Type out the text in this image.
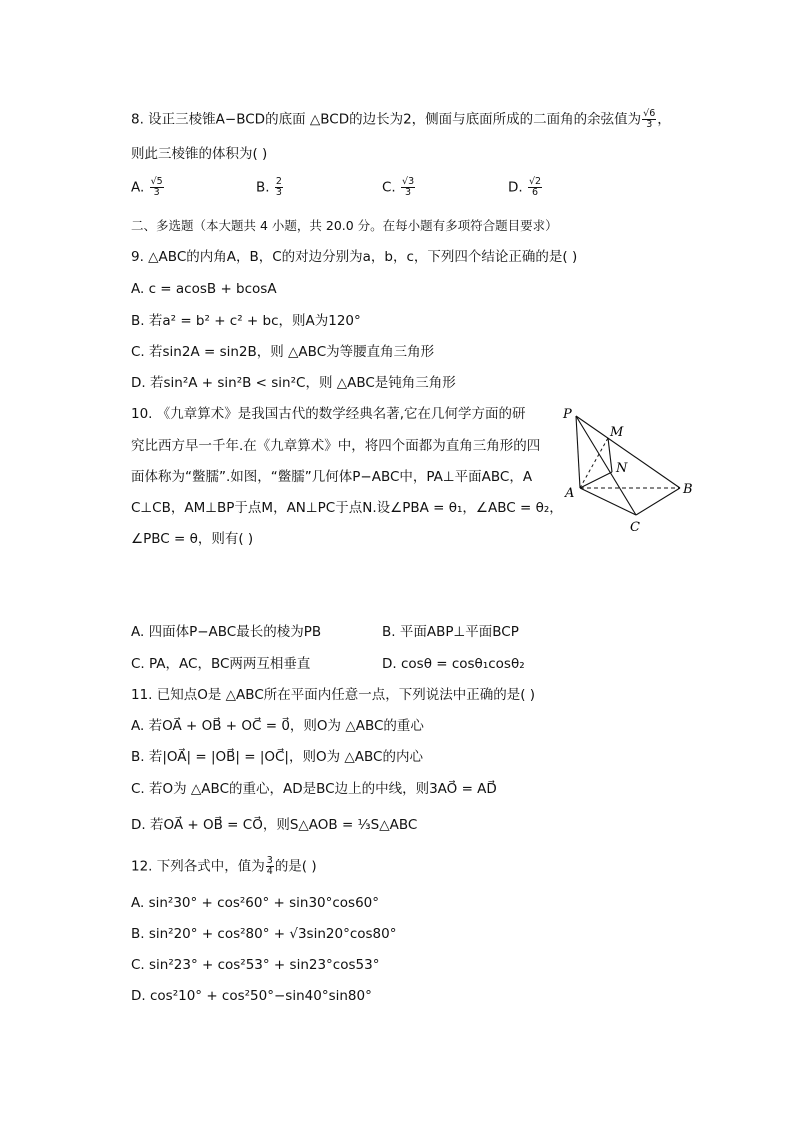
8. 设正三棱锥A−BCD的底面 △BCD的边长为2，侧面与底面所成的二面角的余弦值为 $\frac{√6}{3}$ ，
则此三棱锥的体积为( )
A. $\frac{√5}{3}$	B. $\frac{2}{3}$	C. $\frac{√3}{3}$	D. $\frac{√2}{6}$
二、多选题（本大题共 4 小题，共 20.0 分。在每小题有多项符合题目要求）
9. △ABC的内角A，B，C的对边分别为a，b，c，下列四个结论正确的是( )
A. c = acosB + bcosA
B. 若a² = b² + c² + bc，则A为120°
C. 若sin2A = sin2B，则 △ABC为等腰直角三角形
D. 若sin²A + sin²B < sin²C，则 △ABC是钝角三角形
10. 《九章算术》是我国古代的数学经典名著,它在几何学方面的研
究比西方早一千年.在《九章算术》中，将四个面都为直角三角形的四
面体称为“鳖臑”.如图，“鳖臑”几何体P−ABC中，PA⊥平面ABC，A
C⊥CB，AM⊥BP于点M，AN⊥PC于点N.设∠PBA = θ₁，∠ABC = θ₂，
∠PBC = θ，则有( )
P
M
N
A	B
C
A. 四面体P−ABC最长的棱为PB	B. 平面ABP⊥平面BCP
C. PA，AC，BC两两互相垂直	D. cosθ = cosθ₁cosθ₂
11. 已知点O是 △ABC所在平面内任意一点，下列说法中正确的是( )
A. 若OA⃗ + OB⃗ + OC⃗ = 0⃗，则O为 △ABC的重心
B. 若|OA⃗| = |OB⃗| = |OC⃗|，则O为 △ABC的内心
C. 若O为 △ABC的重心，AD是BC边上的中线，则3AO⃗ = AD⃗
D. 若OA⃗ + OB⃗ = CO⃗，则S△AOB = ⅓S△ABC
12. 下列各式中，值为 $\frac{3}{4}$ 的是( )
A. sin²30° + cos²60° + sin30°cos60°
B. sin²20° + cos²80° + √3sin20°cos80°
C. sin²23° + cos²53° + sin23°cos53°
D. cos²10° + cos²50°−sin40°sin80°
